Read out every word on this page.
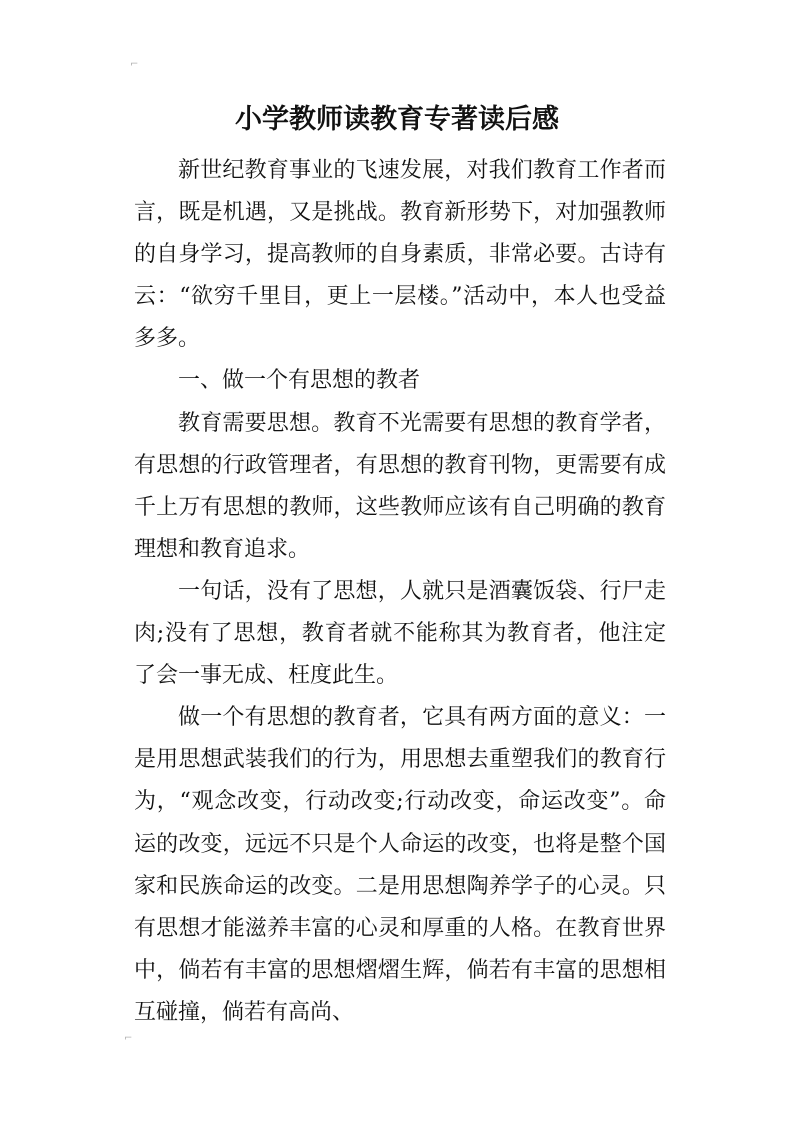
⌐
⌐
小学教师读教育专著读后感

新世纪教育事业的飞速发展，对我们教育工作者而言，既是机遇，又是挑战。教育新形势下，对加强教师的自身学习，提高教师的自身素质，非常必要。古诗有云：“欲穷千里目，更上一层楼。”活动中，本人也受益多多。

一、做一个有思想的教者

教育需要思想。教育不光需要有思想的教育学者，有思想的行政管理者，有思想的教育刊物，更需要有成千上万有思想的教师，这些教师应该有自己明确的教育理想和教育追求。

一句话，没有了思想，人就只是酒囊饭袋、行尸走肉;没有了思想，教育者就不能称其为教育者，他注定了会一事无成、枉度此生。

做一个有思想的教育者，它具有两方面的意义：一是用思想武装我们的行为，用思想去重塑我们的教育行为，“观念改变，行动改变;行动改变，命运改变”。命运的改变，远远不只是个人命运的改变，也将是整个国家和民族命运的改变。二是用思想陶养学子的心灵。只有思想才能滋养丰富的心灵和厚重的人格。在教育世界中，倘若有丰富的思想熠熠生辉，倘若有丰富的思想相互碰撞，倘若有高尚、
